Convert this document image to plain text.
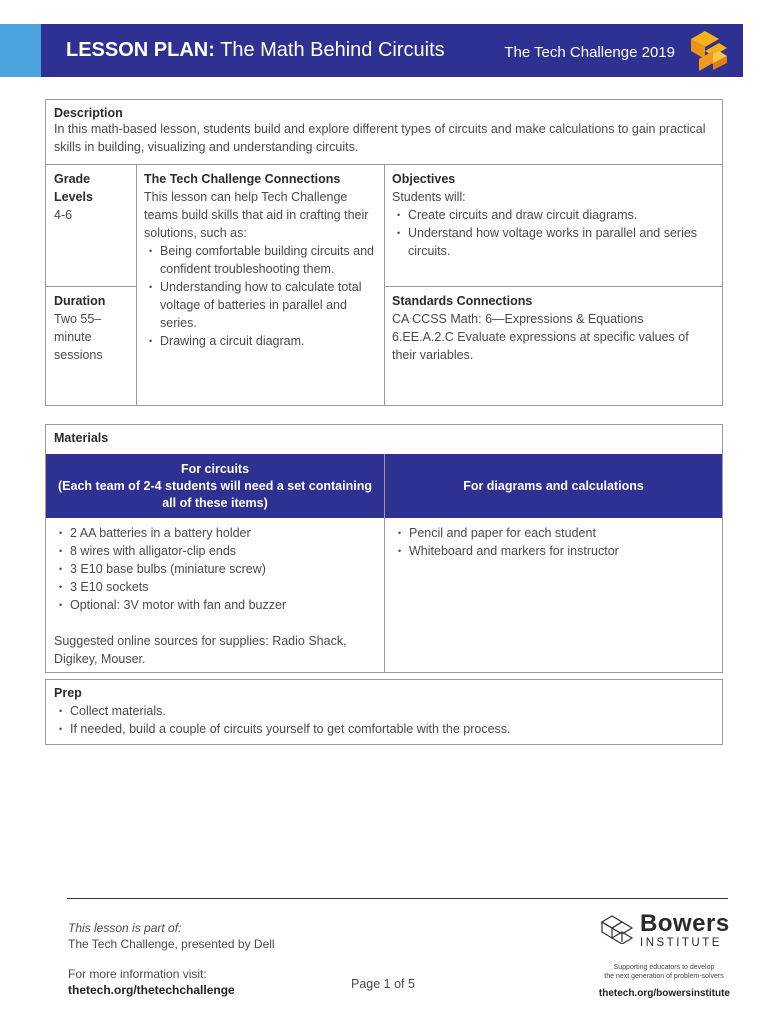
LESSON PLAN: The Math Behind Circuits	The Tech Challenge 2019
Description
In this math-based lesson, students build and explore different types of circuits and make calculations to gain practical skills in building, visualizing and understanding circuits.
Grade Levels
4-6
Duration
Two 55–minute sessions
The Tech Challenge Connections
This lesson can help Tech Challenge teams build skills that aid in crafting their solutions, such as:
• Being comfortable building circuits and confident troubleshooting them.
• Understanding how to calculate total voltage of batteries in parallel and series.
• Drawing a circuit diagram.
Objectives
Students will:
• Create circuits and draw circuit diagrams.
• Understand how voltage works in parallel and series circuits.
Standards Connections
CA CCSS Math: 6—Expressions & Equations
6.EE.A.2.C Evaluate expressions at specific values of their variables.
Materials
For circuits
(Each team of 2-4 students will need a set containing all of these items)
For diagrams and calculations
• 2 AA batteries in a battery holder
• 8 wires with alligator-clip ends
• 3 E10 base bulbs (miniature screw)
• 3 E10 sockets
• Optional: 3V motor with fan and buzzer
Suggested online sources for supplies: Radio Shack, Digikey, Mouser.
• Pencil and paper for each student
• Whiteboard and markers for instructor
Prep
• Collect materials.
• If needed, build a couple of circuits yourself to get comfortable with the process.
This lesson is part of:
The Tech Challenge, presented by Dell
For more information visit:
thetech.org/thetechchallenge	Page 1 of 5
Bowers
INSTITUTE
Supporting educators to develop
the next generation of problem-solvers
thetech.org/bowersinstitute
